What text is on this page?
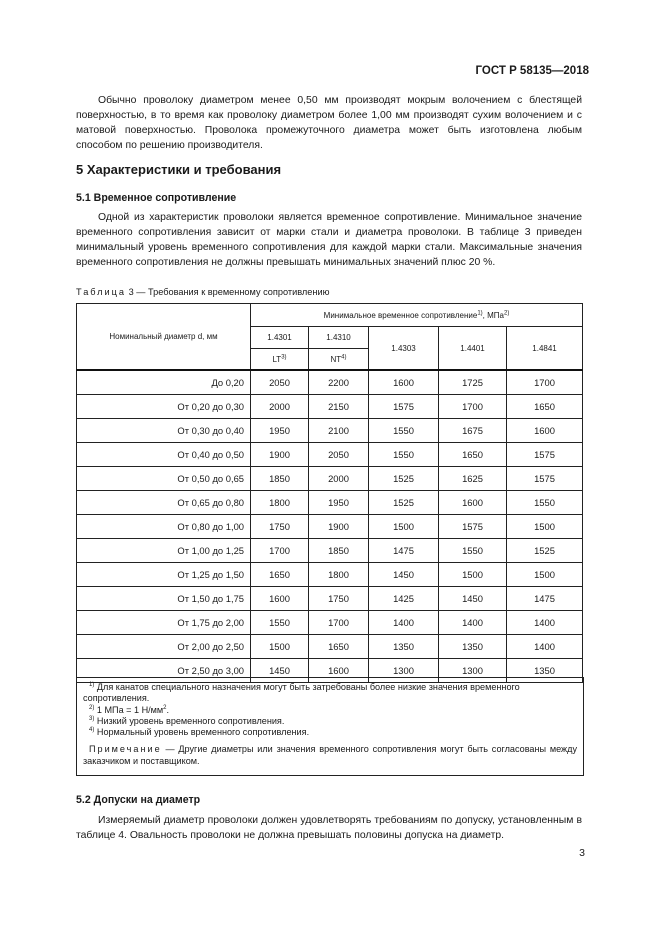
ГОСТ Р 58135—2018

Обычно проволоку диаметром менее 0,50 мм производят мокрым волочением с блестящей поверхностью, в то время как проволоку диаметром более 1,00 мм производят сухим волочением и с матовой поверхностью. Проволока промежуточного диаметра может быть изготовлена любым способом по решению производителя.

5 Характеристики и требования
5.1 Временное сопротивление

Одной из характеристик проволоки является временное сопротивление. Минимальное значение временного сопротивления зависит от марки стали и диаметра проволоки. В таблице 3 приведен минимальный уровень временного сопротивления для каждой марки стали. Максимальные значения временного сопротивления не должны превышать минимальных значений плюс 20 %.

Таблица 3 — Требования к временному сопротивлению
Номинальный диаметр d, мм	Минимальное временное сопротивление$^{1)}$, МПа$^{2)}$
	1.4301	1.4310	1.4303	1.4401	1.4841
	LT$^{3)}$	NT$^{4)}$
До 0,20	2050	2200	1600	1725	1700
От 0,20 до 0,30	2000	2150	1575	1700	1650
От 0,30 до 0,40	1950	2100	1550	1675	1600
От 0,40 до 0,50	1900	2050	1550	1650	1575
От 0,50 до 0,65	1850	2000	1525	1625	1575
От 0,65 до 0,80	1800	1950	1525	1600	1550
От 0,80 до 1,00	1750	1900	1500	1575	1500
От 1,00 до 1,25	1700	1850	1475	1550	1525
От 1,25 до 1,50	1650	1800	1450	1500	1500
От 1,50 до 1,75	1600	1750	1425	1450	1475
От 1,75 до 2,00	1550	1700	1400	1400	1400
От 2,00 до 2,50	1500	1650	1350	1350	1400
От 2,50 до 3,00	1450	1600	1300	1300	1350

$^{1)}$ Для канатов специального назначения могут быть затребованы более низкие значения временного сопротивления.

$^{2)}$ 1 МПа = 1 $Н/мм^2$.

$^{3)}$ Низкий уровень временного сопротивления.

$^{4)}$ Нормальный уровень временного сопротивления.

Примечание — Другие диаметры или значения временного сопротивления могут быть согласованы между заказчиком и поставщиком.

5.2 Допуски на диаметр

Измеряемый диаметр проволоки должен удовлетворять требованиям по допуску, установленным в таблице 4. Овальность проволоки не должна превышать половины допуска на диаметр.

3
